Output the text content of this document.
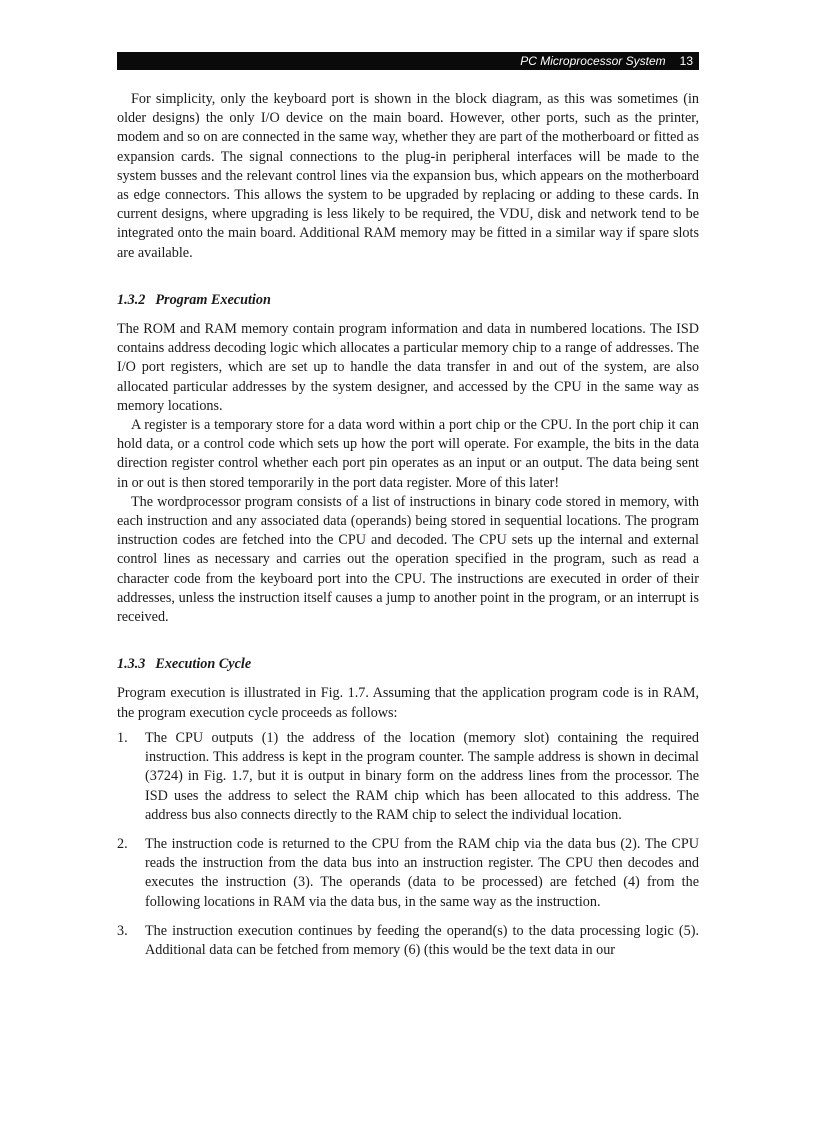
PC Microprocessor System 13

For simplicity, only the keyboard port is shown in the block diagram, as this was sometimes (in older designs) the only I/O device on the main board. However, other ports, such as the printer, modem and so on are connected in the same way, whether they are part of the motherboard or fitted as expansion cards. The signal connections to the plug-in peripheral interfaces will be made to the system busses and the relevant control lines via the expansion bus, which appears on the motherboard as edge connectors. This allows the system to be upgraded by replacing or adding to these cards. In current designs, where upgrading is less likely to be required, the VDU, disk and network tend to be integrated onto the main board. Additional RAM memory may be fitted in a similar way if spare slots are available.

1.3.2 Program Execution

The ROM and RAM memory contain program information and data in numbered locations. The ISD contains address decoding logic which allocates a particular memory chip to a range of addresses. The I/O port registers, which are set up to handle the data transfer in and out of the system, are also allocated particular addresses by the system designer, and accessed by the CPU in the same way as memory locations.

A register is a temporary store for a data word within a port chip or the CPU. In the port chip it can hold data, or a control code which sets up how the port will operate. For example, the bits in the data direction register control whether each port pin operates as an input or an output. The data being sent in or out is then stored temporarily in the port data register. More of this later!

The wordprocessor program consists of a list of instructions in binary code stored in memory, with each instruction and any associated data (operands) being stored in sequential locations. The program instruction codes are fetched into the CPU and decoded. The CPU sets up the internal and external control lines as necessary and carries out the operation specified in the program, such as read a character code from the keyboard port into the CPU. The instructions are executed in order of their addresses, unless the instruction itself causes a jump to another point in the program, or an interrupt is received.

1.3.3 Execution Cycle

Program execution is illustrated in Fig. 1.7. Assuming that the application program code is in RAM, the program execution cycle proceeds as follows:

1.	The CPU outputs (1) the address of the location (memory slot) containing the required instruction. This address is kept in the program counter. The sample address is shown in decimal (3724) in Fig. 1.7, but it is output in binary form on the address lines from the processor. The ISD uses the address to select the RAM chip which has been allocated to this address. The address bus also connects directly to the RAM chip to select the individual location.
2.	The instruction code is returned to the CPU from the RAM chip via the data bus (2). The CPU reads the instruction from the data bus into an instruction register. The CPU then decodes and executes the instruction (3). The operands (data to be processed) are fetched (4) from the following locations in RAM via the data bus, in the same way as the instruction.
3.	The instruction execution continues by feeding the operand(s) to the data processing logic (5). Additional data can be fetched from memory (6) (this would be the text data in our
